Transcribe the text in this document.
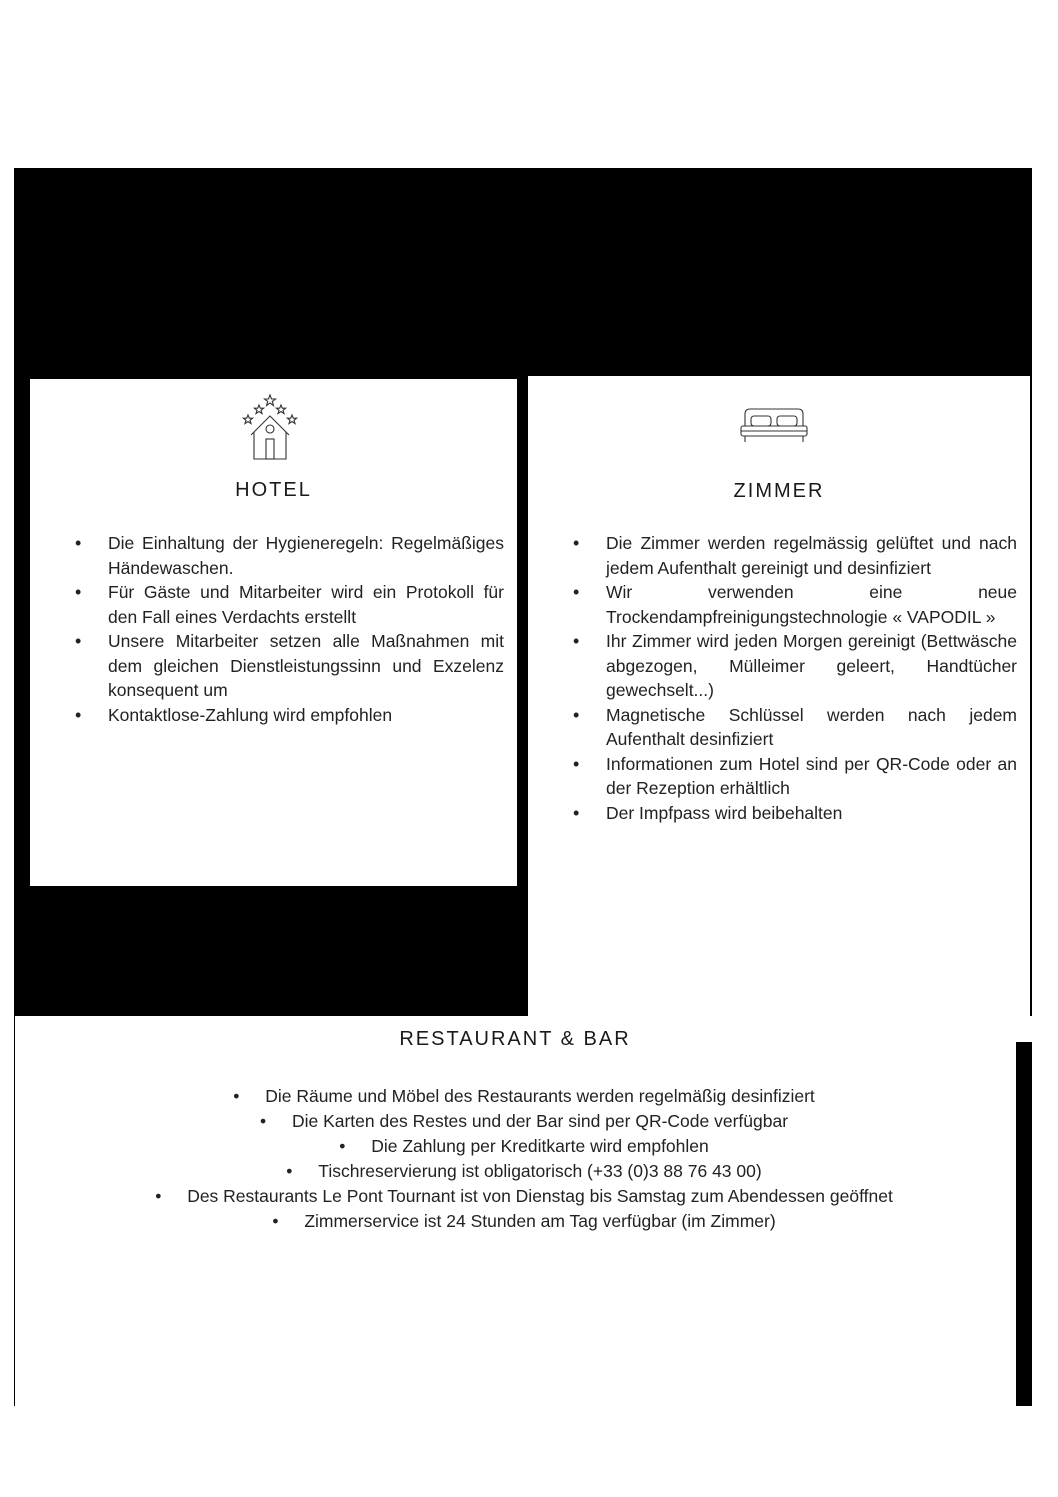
HOTEL
• Die Einhaltung der Hygieneregeln: Regelmäßiges Händewaschen.
• Für Gäste und Mitarbeiter wird ein Protokoll für den Fall eines Verdachts erstellt
• Unsere Mitarbeiter setzen alle Maßnahmen mit dem gleichen Dienstleistungssinn und Exzelenz konsequent um
• Kontaktlose-Zahlung wird empfohlen
ZIMMER
• Die Zimmer werden regelmässig gelüftet und nach jedem Aufenthalt gereinigt und desinfiziert
• Wir verwenden eine neue Trockendampfreinigungstechnologie « VAPODIL »
• Ihr Zimmer wird jeden Morgen gereinigt (Bettwäsche abgezogen, Mülleimer geleert, Handtücher gewechselt...)
• Magnetische Schlüssel werden nach jedem Aufenthalt desinfiziert
• Informationen zum Hotel sind per QR-Code oder an der Rezeption erhältlich
• Der Impfpass wird beibehalten
RESTAURANT & BAR
• Die Räume und Möbel des Restaurants werden regelmäßig desinfiziert
• Die Karten des Restes und der Bar sind per QR-Code verfügbar
• Die Zahlung per Kreditkarte wird empfohlen
• Tischreservierung ist obligatorisch (+33 (0)3 88 76 43 00)
• Des Restaurants Le Pont Tournant ist von Dienstag bis Samstag zum Abendessen geöffnet
• Zimmerservice ist 24 Stunden am Tag verfügbar (im Zimmer)
